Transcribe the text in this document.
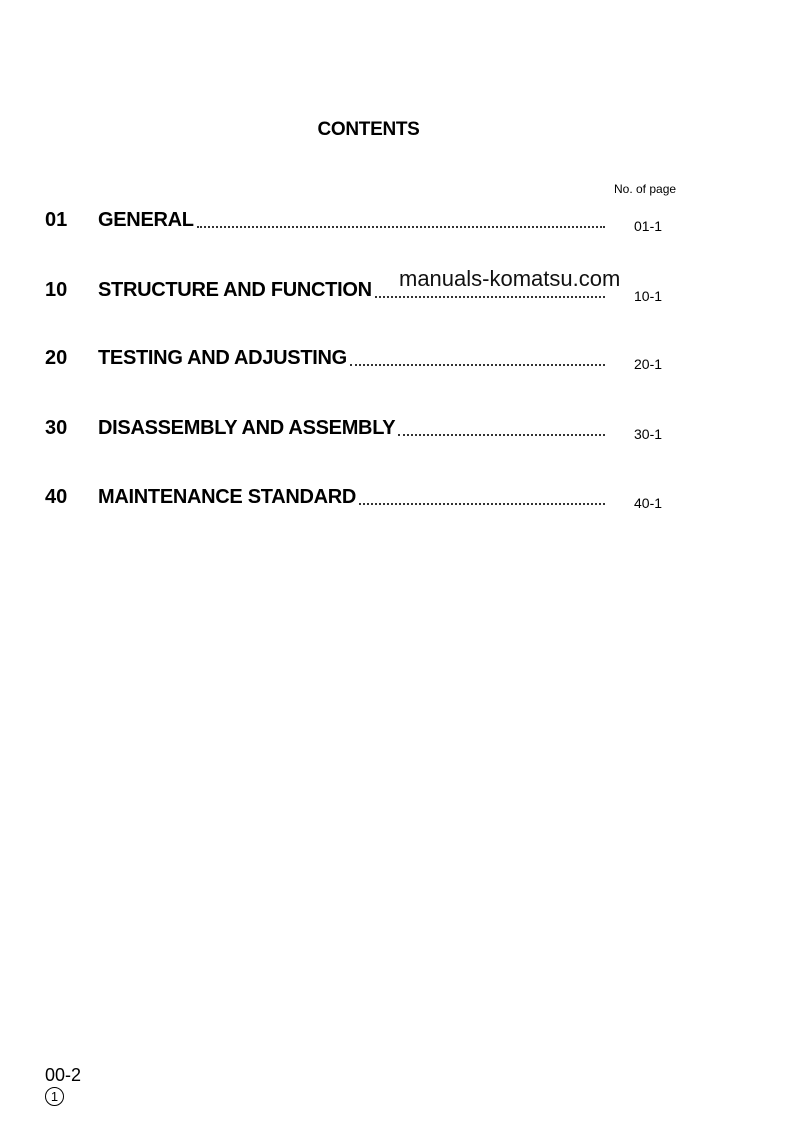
CONTENTS
No. of page
01	GENERAL	01-1
10	STRUCTURE AND FUNCTION	10-1
20	TESTING AND ADJUSTING	20-1
30	DISASSEMBLY AND ASSEMBLY	30-1
40	MAINTENANCE STANDARD	40-1
manuals-komatsu.com
00-2
1
